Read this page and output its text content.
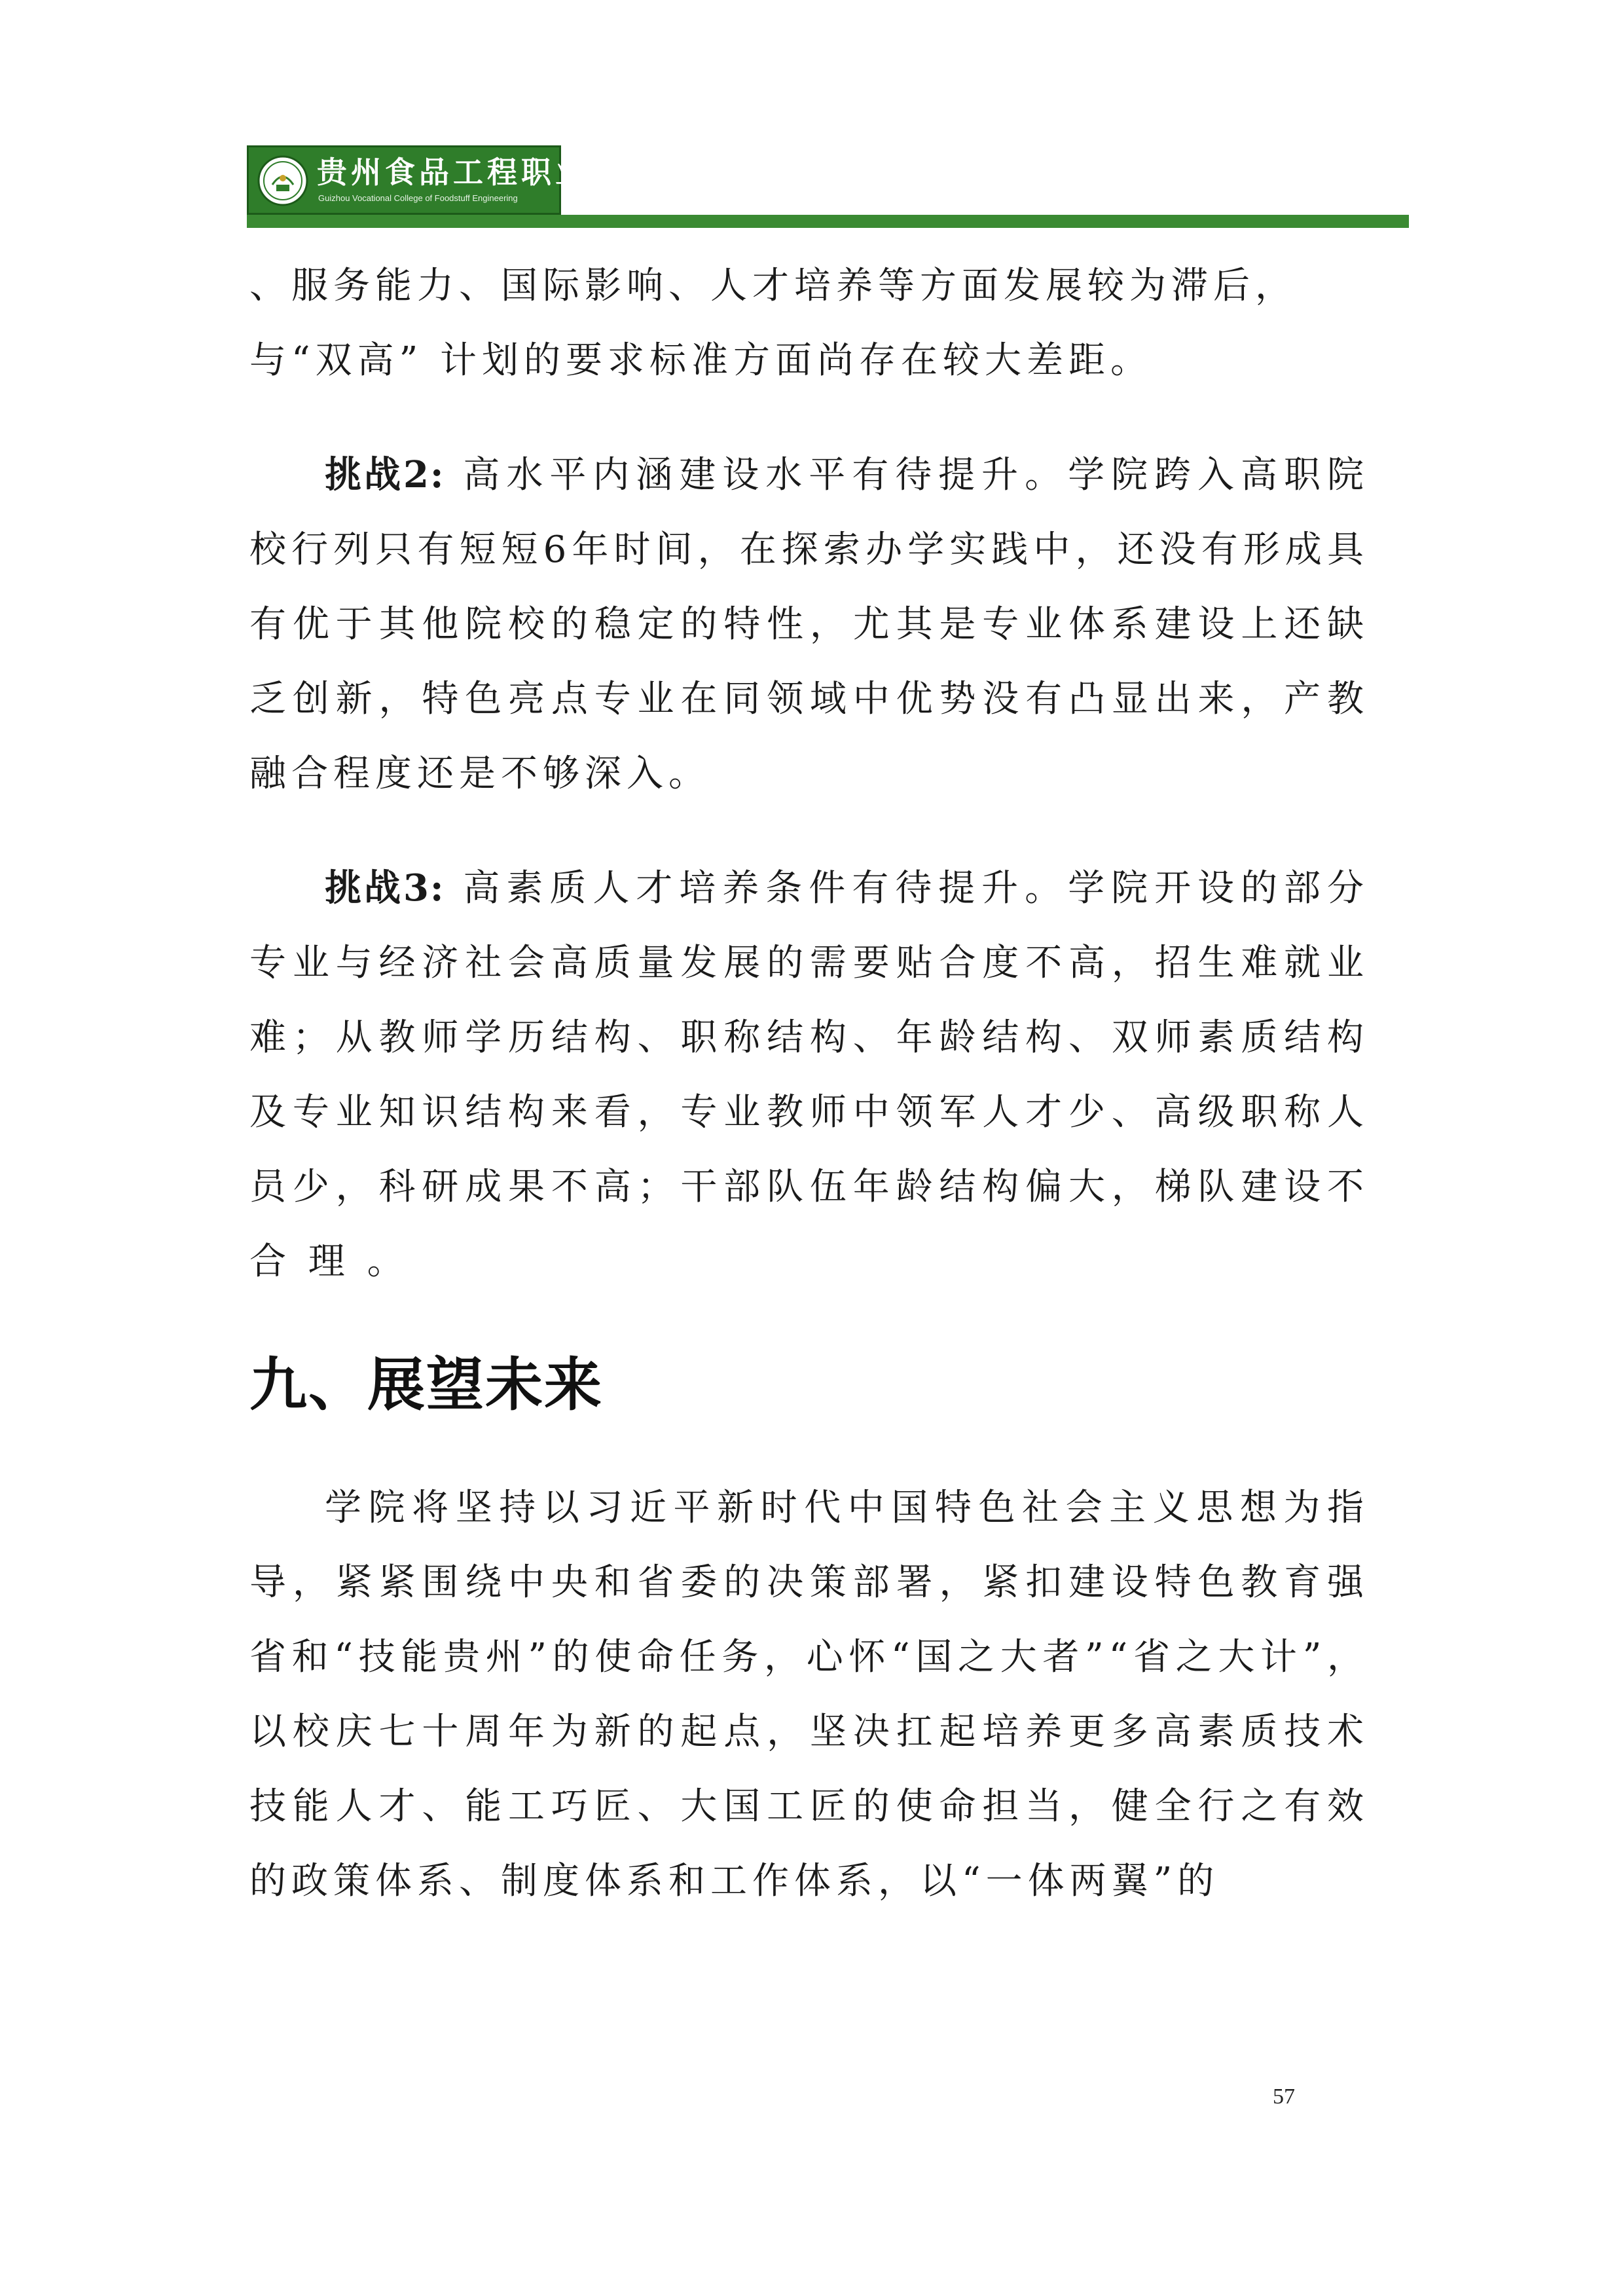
贵州食品工程职业学院
Guizhou Vocational College of Foodstuff Engineering

、服务能力、国际影响、人才培养等方面发展较为滞后，
与“双高” 计划的要求标准方面尚存在较大差距。

挑战2: 高水平内涵建设水平有待提升。学院跨入高职院校行列只有短短6年时间，在探索办学实践中，还没有形成具有优于其他院校的稳定的特性，尤其是专业体系建设上还缺乏创新，特色亮点专业在同领域中优势没有凸显出来，产教融合程度还是不够深入。

挑战3: 高素质人才培养条件有待提升。学院开设的部分专业与经济社会高质量发展的需要贴合度不高，招生难就业难；从教师学历结构、职称结构、年龄结构、双师素质结构及专业知识结构来看，专业教师中领军人才少、高级职称人员少，科研成果不高；干部队伍年龄结构偏大，梯队建设不合 理 。

九、展望未来

学院将坚持以习近平新时代中国特色社会主义思想为指导，紧紧围绕中央和省委的决策部署，紧扣建设特色教育强省和“技能贵州”的使命任务，心怀“国之大者”“省之大计”，以校庆七十周年为新的起点，坚决扛起培养更多高素质技术技能人才、能工巧匠、大国工匠的使命担当，健全行之有效的政策体系、制度体系和工作体系，以“一体两翼”的

57
